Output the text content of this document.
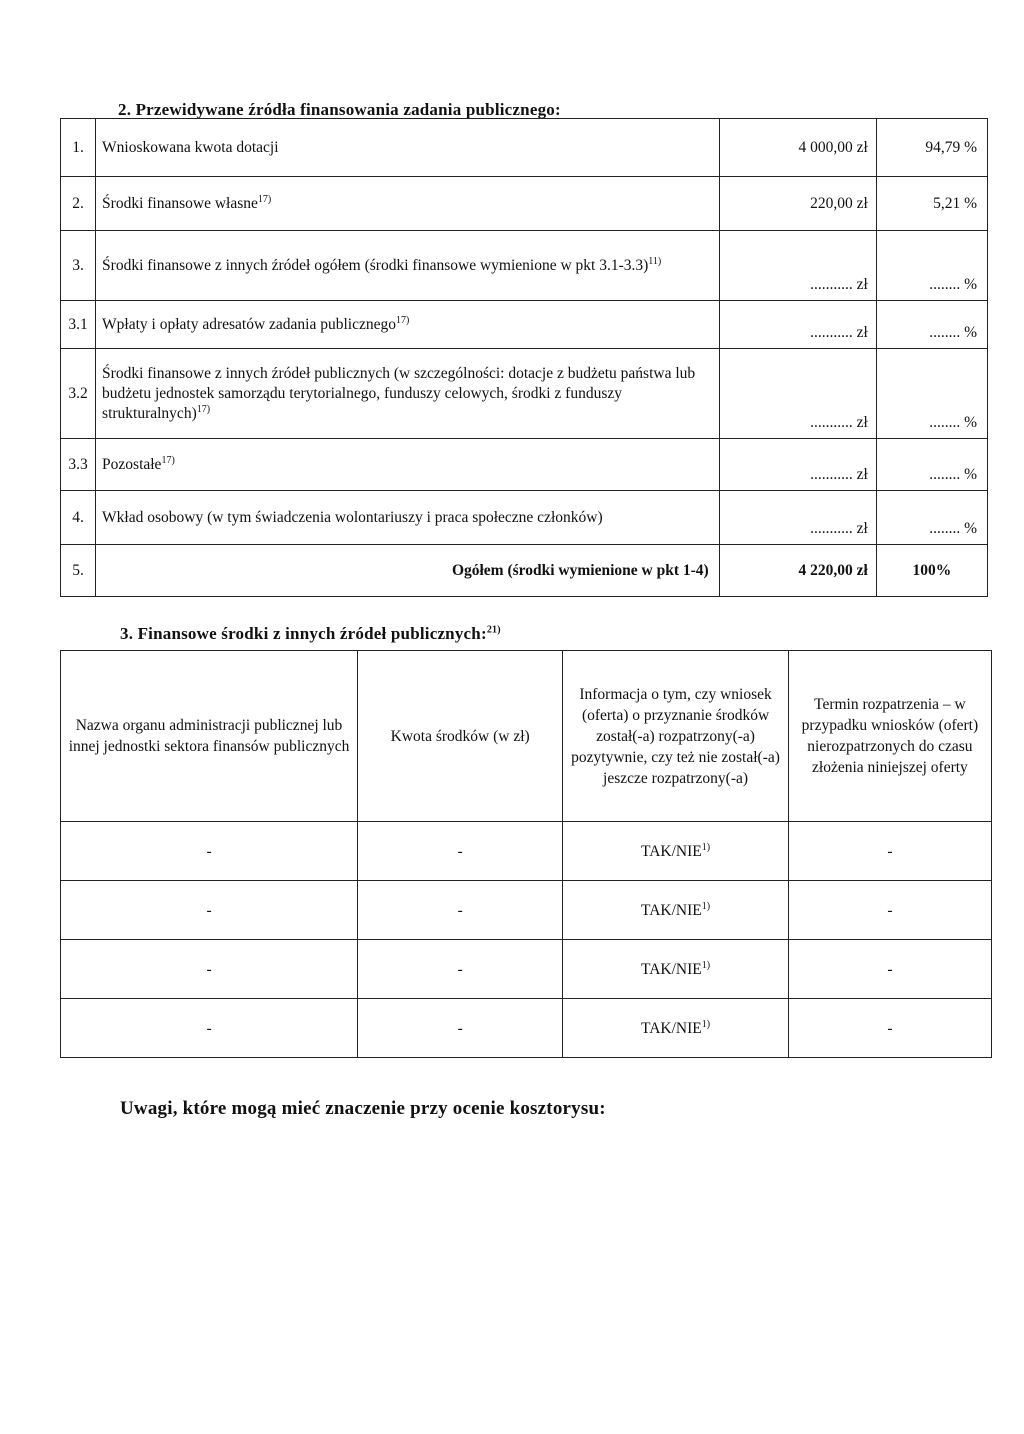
2. Przewidywane źródła finansowania zadania publicznego:
1.	Wnioskowana kwota dotacji	4 000,00 zł	94,79 %
2.	Środki finansowe własne$^{17)}$	220,00 zł	5,21 %
3.	Środki finansowe z innych źródeł ogółem (środki finansowe wymienione w pkt 3.1-3.3)$^{11)}$	........... zł	........ %
3.1	Wpłaty i opłaty adresatów zadania publicznego$^{17)}$	........... zł	........ %
3.2	Środki finansowe z innych źródeł publicznych (w szczególności: dotacje z budżetu państwa lub budżetu jednostek samorządu terytorialnego, funduszy celowych, środki z funduszy strukturalnych)$^{17)}$	........... zł	........ %
3.3	Pozostałe$^{17)}$	........... zł	........ %
4.	Wkład osobowy (w tym świadczenia wolontariuszy i praca społeczne członków)	........... zł	........ %
5.	Ogółem (środki wymienione w pkt 1-4)	4 220,00 zł	100%
3. Finansowe środki z innych źródeł publicznych:$^{21)}$
Nazwa organu administracji publicznej lub innej jednostki sektora finansów publicznych	Kwota środków (w zł)	Informacja o tym, czy wniosek (oferta) o przyznanie środków został(-a) rozpatrzony(-a) pozytywnie, czy też nie został(-a) jeszcze rozpatrzony(-a)	Termin rozpatrzenia – w przypadku wniosków (ofert) nierozpatrzonych do czasu złożenia niniejszej oferty
-	-	TAK/NIE$^{1)}$	-
-	-	TAK/NIE$^{1)}$	-
-	-	TAK/NIE$^{1)}$	-
-	-	TAK/NIE$^{1)}$	-
Uwagi, które mogą mieć znaczenie przy ocenie kosztorysu:
